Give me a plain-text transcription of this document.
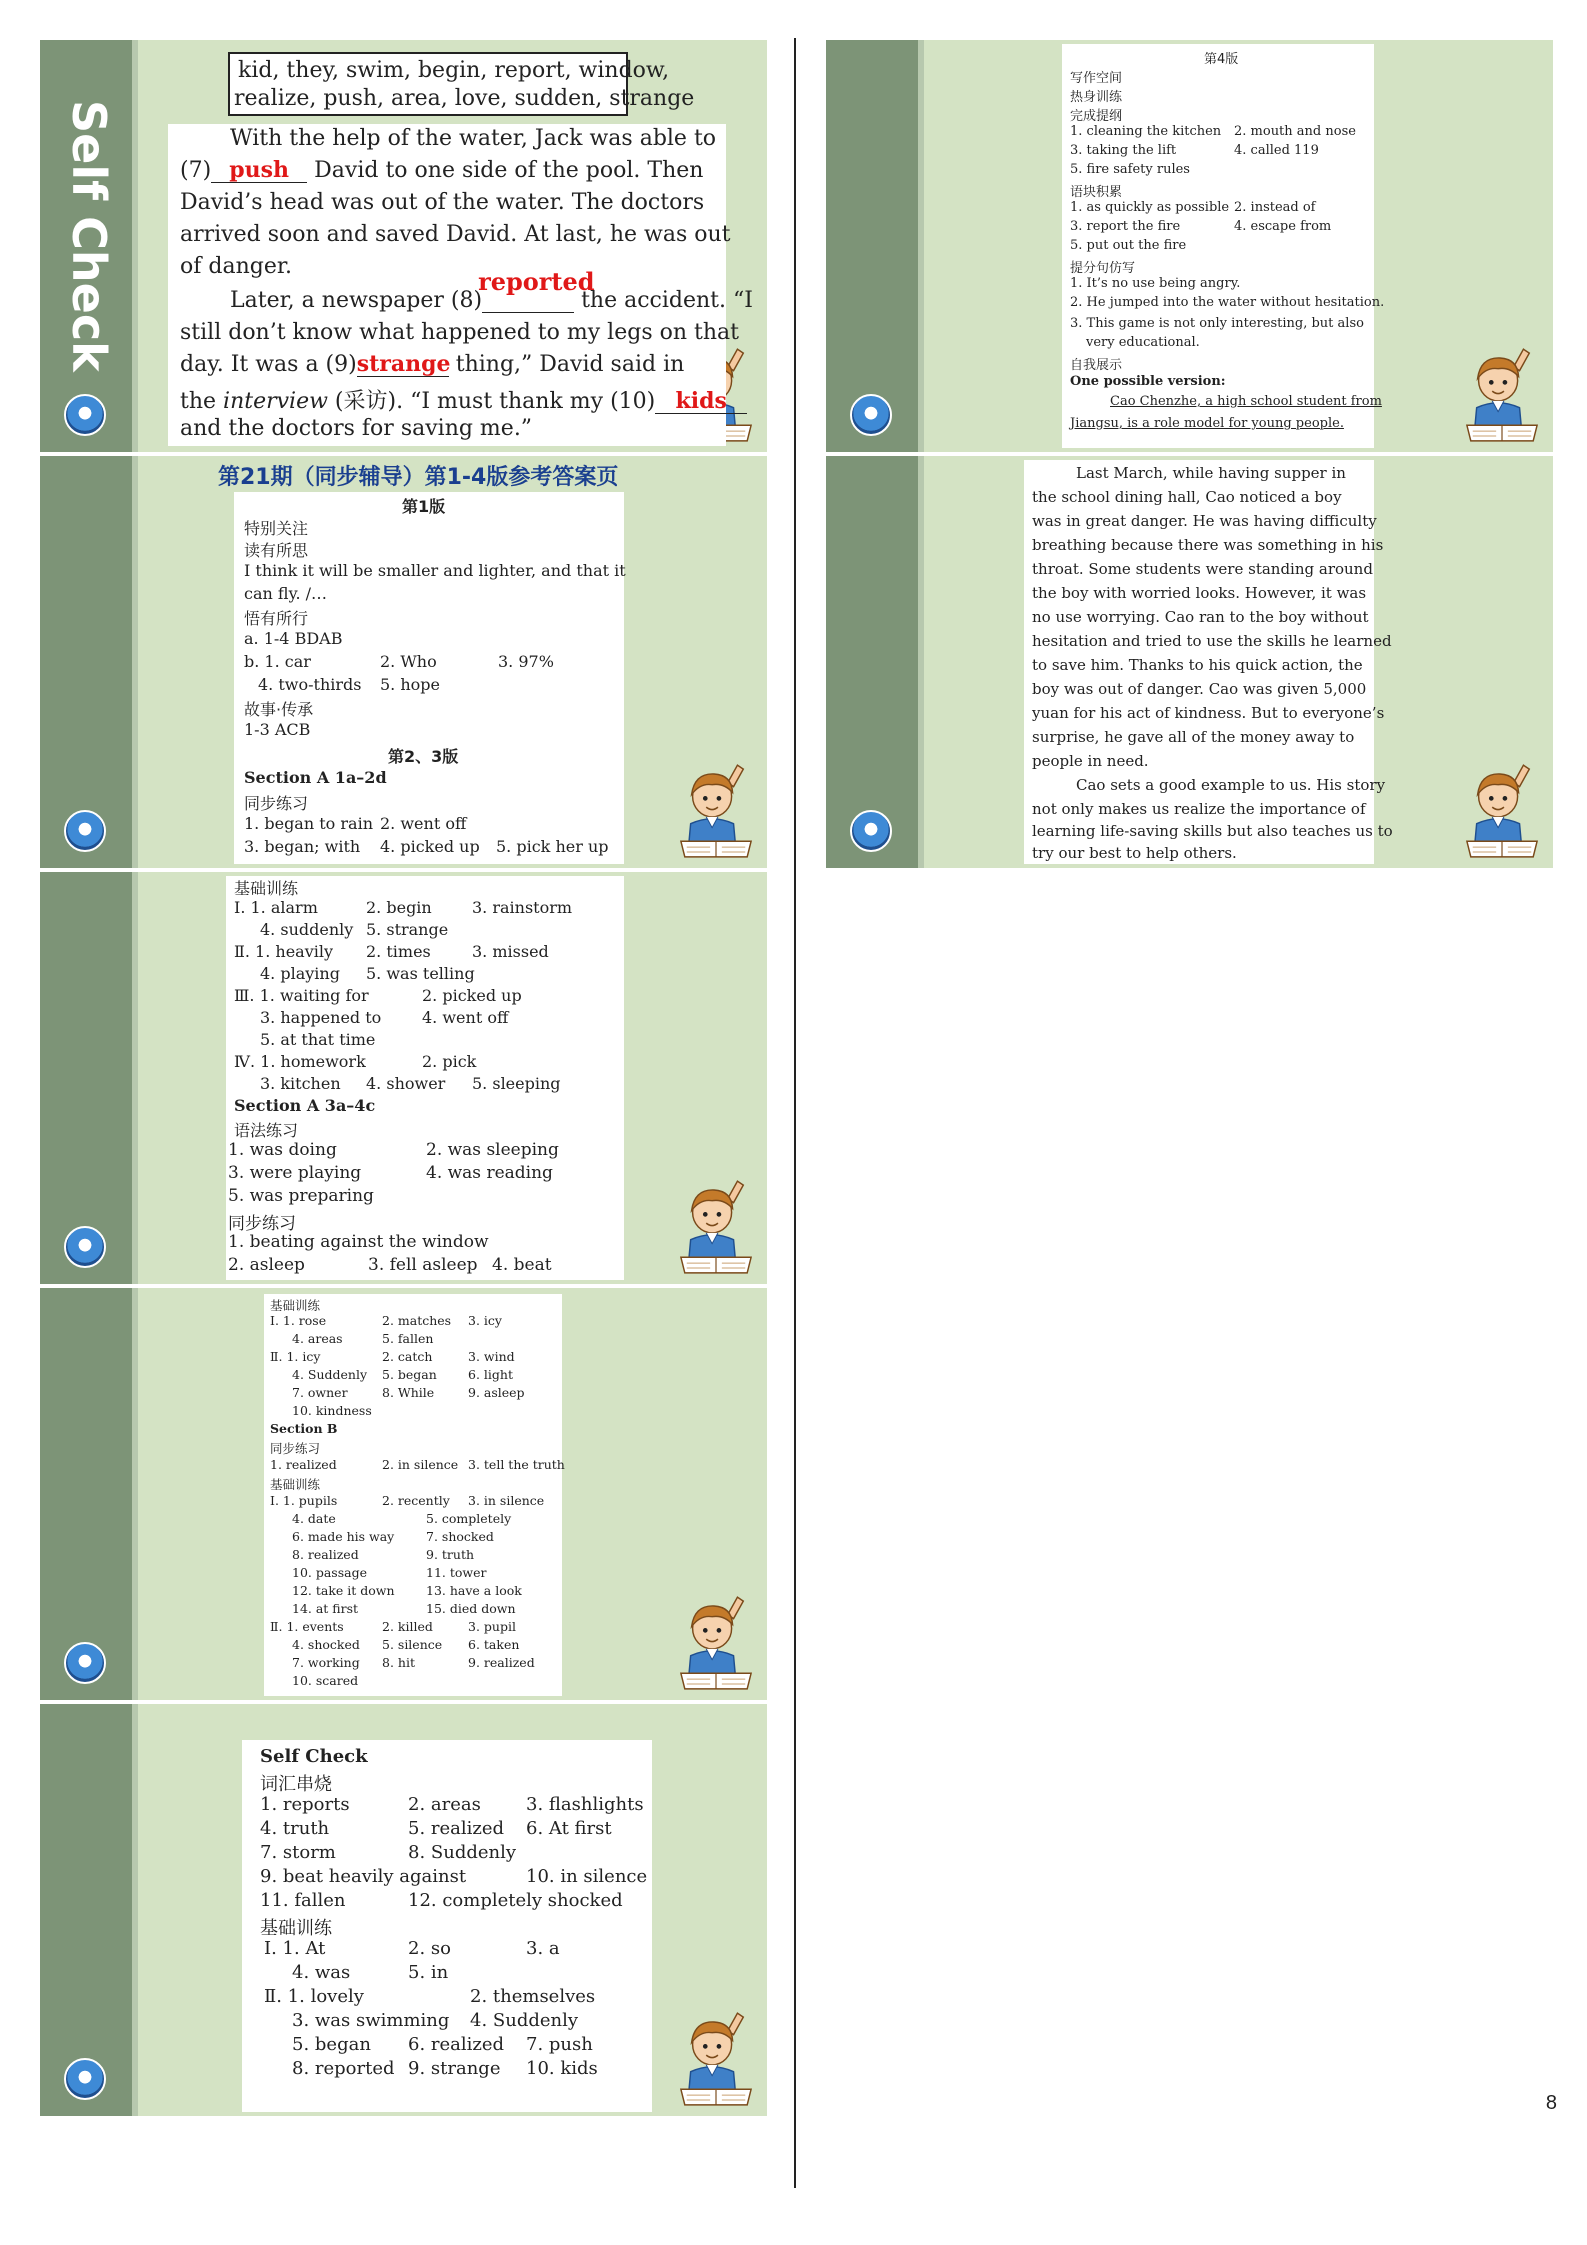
Self Check
kid, they, swim, begin, report, window,
realize, push, area, love, sudden, strange
With the help of the water, Jack was able to
(7) push David to one side of the pool. Then
David’s head was out of the water. The doctors
arrived soon and saved David. At last, he was out
of danger.
Later, a newspaper (8)
reported
the accident. “I
still don’t know what happened to my legs on that
day. It was a (9)strange thing,” David said in
the interview (采访). “I must thank my (10) kids
and the doctors for saving me.”
第21期（同步辅导）第1-4版参考答案页
第1版
特别关注
读有所思
I think it will be smaller and lighter, and that it
can fly. /…
悟有所行
a. 1-4 BDAB
b. 1. car	2. Who	3. 97%
4. two-thirds 5. hope
故事·传承
1-3 ACB
第2、3版
Section A 1a–2d
同步练习
1. began to rain 2. went off
3. began; with 4. picked up 5. pick her up
基础训练
Ⅰ. 1. alarm	2. begin	3. rainstorm
4. suddenly 5. strange
Ⅱ. 1. heavily 2. times	3. missed
4. playing 5. was telling
Ⅲ. 1. waiting for	2. picked up
3. happened to	4. went off
5. at that time
Ⅳ. 1. homework	2. pick
3. kitchen 4. shower 5. sleeping
Section A 3a–4c
语法练习
1. was doing	2. was sleeping
3. were playing	4. was reading
5. was preparing
同步练习
1. beating against the window
2. asleep	3. fell asleep 4. beat
基础训练
Ⅰ. 1. rose	2. matches 3. icy
4. areas	5. fallen
Ⅱ. 1. icy	2. catch	3. wind
4. Suddenly 5. began 6. light
7. owner	8. While	9. asleep
10. kindness
Section B
同步练习
1. realized	2. in silence 3. tell the truth
基础训练
Ⅰ. 1. pupils	2. recently 3. in silence
4. date	5. completely
6. made his way	7. shocked
8. realized	9. truth
10. passage	11. tower
12. take it down	13. have a look
14. at first	15. died down
Ⅱ. 1. events	2. killed	3. pupil
4. shocked 5. silence 6. taken
7. working 8. hit	9. realized
10. scared
Self Check
词汇串烧
1. reports	2. areas	3. flashlights
4. truth	5. realized 6. At first
7. storm	8. Suddenly
9. beat heavily against	10. in silence
11. fallen	12. completely shocked
基础训练
Ⅰ. 1. At	2. so	3. a
4. was	5. in
Ⅱ. 1. lovely	2. themselves
3. was swimming 4. Suddenly
5. began 6. realized 7. push
8. reported 9. strange 10. kids
第4版
写作空间
热身训练
完成提纲
1. cleaning the kitchen 2. mouth and nose
3. taking the lift	4. called 119
5. fire safety rules
语块积累
1. as quickly as possible 2. instead of
3. report the fire	4. escape from
5. put out the fire
提分句仿写
1. It’s no use being angry.
2. He jumped into the water without hesitation.
3. This game is not only interesting, but also
very educational.
自我展示
One possible version:
Cao Chenzhe, a high school student from
Jiangsu, is a role model for young people.
Last March, while having supper in
the school dining hall, Cao noticed a boy
was in great danger. He was having difficulty
breathing because there was something in his
throat. Some students were standing around
the boy with worried looks. However, it was
no use worrying. Cao ran to the boy without
hesitation and tried to use the skills he learned
to save him. Thanks to his quick action, the
boy was out of danger. Cao was given 5,000
yuan for his act of kindness. But to everyone’s
surprise, he gave all of the money away to
people in need.
Cao sets a good example to us. His story
not only makes us realize the importance of
learning life-saving skills but also teaches us to
try our best to help others.
8
